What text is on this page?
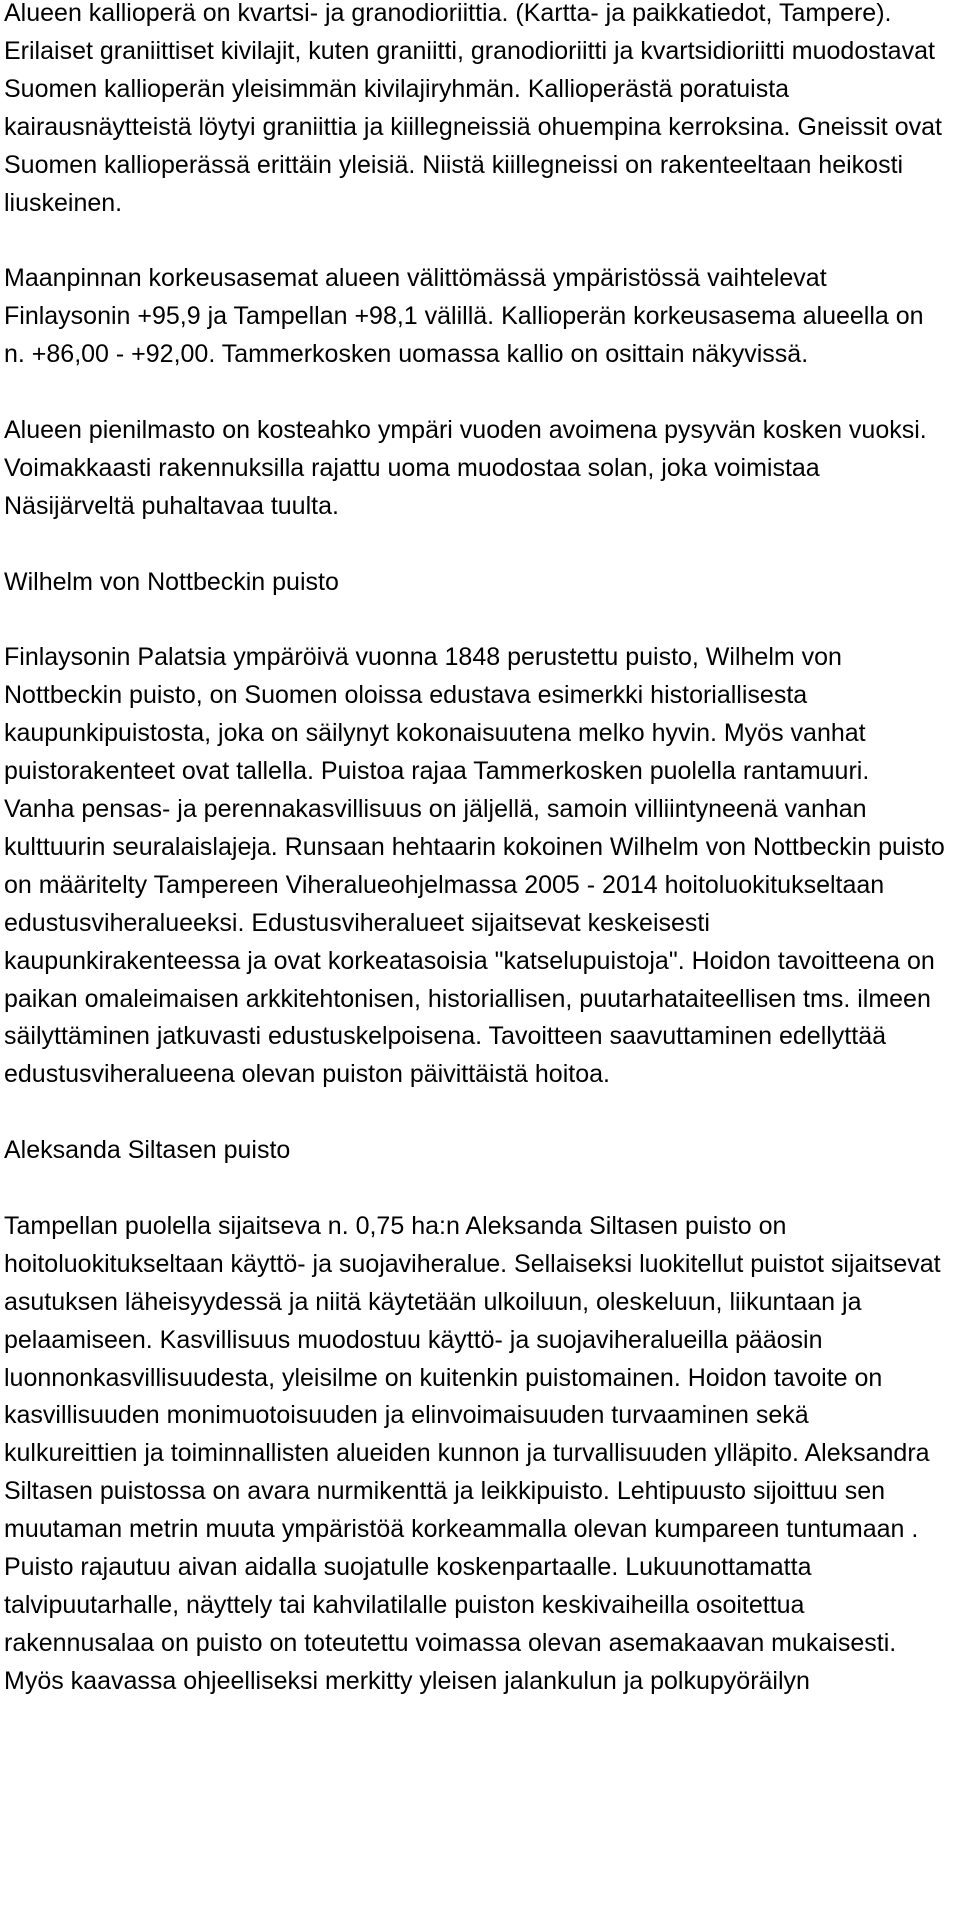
Alueen kallioperä on kvartsi- ja granodioriittia. (Kartta- ja paikkatiedot, Tampere). Erilaiset graniittiset kivilajit, kuten graniitti, granodioriitti ja kvartsidioriitti muodostavat Suomen kallioperän yleisimmän kivilajiryhmän. Kallioperästä poratuista kairausnäytteistä löytyi graniittia ja kiillegneissiä ohuempina kerroksina. Gneissit ovat Suomen kallioperässä erittäin yleisiä. Niistä kiillegneissi on rakenteeltaan heikosti liuskeinen.

Maanpinnan korkeusasemat alueen välittömässä ympäristössä vaihtelevat Finlaysonin +95,9 ja Tampellan +98,1 välillä. Kallioperän korkeusasema alueella on n. +86,00 - +92,00. Tammerkosken uomassa kallio on osittain näkyvissä.

Alueen pienilmasto on kosteahko ympäri vuoden avoimena pysyvän kosken vuoksi. Voimakkaasti rakennuksilla rajattu uoma muodostaa solan, joka voimistaa Näsijärveltä puhaltavaa tuulta.

Wilhelm von Nottbeckin puisto

Finlaysonin Palatsia ympäröivä vuonna 1848 perustettu puisto, Wilhelm von Nottbeckin puisto, on Suomen oloissa edustava esimerkki historiallisesta kaupunkipuistosta, joka on säilynyt kokonaisuutena melko hyvin. Myös vanhat puistorakenteet ovat tallella. Puistoa rajaa Tammerkosken puolella rantamuuri. Vanha pensas- ja perennakasvillisuus on jäljellä, samoin villiintyneenä vanhan kulttuurin seuralaislajeja. Runsaan hehtaarin kokoinen Wilhelm von Nottbeckin puisto on määritelty Tampereen Viheralueohjelmassa 2005 - 2014 hoitoluokitukseltaan edustusviheralueeksi. Edustusviheralueet sijaitsevat keskeisesti kaupunkirakenteessa ja ovat korkeatasoisia "katselupuistoja". Hoidon tavoitteena on paikan omaleimaisen arkkitehtonisen, historiallisen, puutarhataiteellisen tms. ilmeen säilyttäminen jatkuvasti edustuskelpoisena. Tavoitteen saavuttaminen edellyttää edustusviheralueena olevan puiston päivittäistä hoitoa.

Aleksanda Siltasen puisto

Tampellan puolella sijaitseva n. 0,75 ha:n Aleksanda Siltasen puisto on hoitoluokitukseltaan käyttö- ja suojaviheralue. Sellaiseksi luokitellut puistot sijaitsevat asutuksen läheisyydessä ja niitä käytetään ulkoiluun, oleskeluun, liikuntaan ja pelaamiseen. Kasvillisuus muodostuu käyttö- ja suojaviheralueilla pääosin luonnonkasvillisuudesta, yleisilme on kuitenkin puistomainen. Hoidon tavoite on kasvillisuuden monimuotoisuuden ja elinvoimaisuuden turvaaminen sekä kulkureittien ja toiminnallisten alueiden kunnon ja turvallisuuden ylläpito. Aleksandra Siltasen puistossa on avara nurmikenttä ja leikkipuisto. Lehtipuusto sijoittuu sen muutaman metrin muuta ympäristöä korkeammalla olevan kumpareen tuntumaan . Puisto rajautuu aivan aidalla suojatulle koskenpartaalle. Lukuunottamatta talvipuutarhalle, näyttely tai kahvilatilalle puiston keskivaiheilla osoitettua rakennusalaa on puisto on toteutettu voimassa olevan asemakaavan mukaisesti. Myös kaavassa ohjeelliseksi merkitty yleisen jalankulun ja polkupyöräilyn
